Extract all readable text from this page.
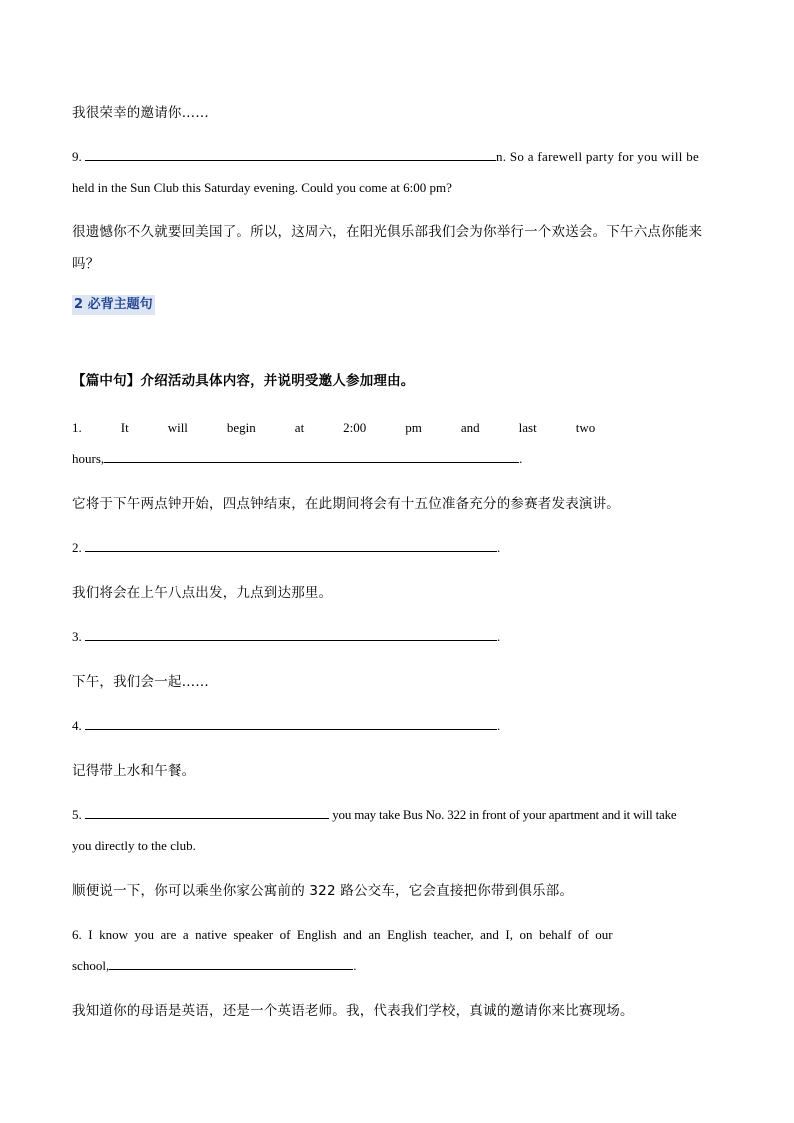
我很荣幸的邀请你……
9.	n. So a farewell party for you will be
held in the Sun Club this Saturday evening. Could you come at 6:00 pm?
很遗憾你不久就要回美国了。所以，这周六，在阳光俱乐部我们会为你举行一个欢送会。下午六点你能来
吗？
2 必背主题句
【篇中句】介绍活动具体内容，并说明受邀人参加理由。
1.            It            will            begin            at            2:00            pm            and            last            two
hours,	.
它将于下午两点钟开始，四点钟结束，在此期间将会有十五位准备充分的参赛者发表演讲。
2.	.
我们将会在上午八点出发，九点到达那里。
3.	.
下午，我们会一起……
4.	.
记得带上水和午餐。
5.	you may take Bus No. 322 in front of your apartment and it will take
you directly to the club.
顺便说一下，你可以乘坐你家公寓前的 322 路公交车，它会直接把你带到俱乐部。
6.  I  know  you  are  a  native  speaker  of  English  and  an  English  teacher,  and  I,  on  behalf  of  our
school,	.
我知道你的母语是英语，还是一个英语老师。我，代表我们学校，真诚的邀请你来比赛现场。
